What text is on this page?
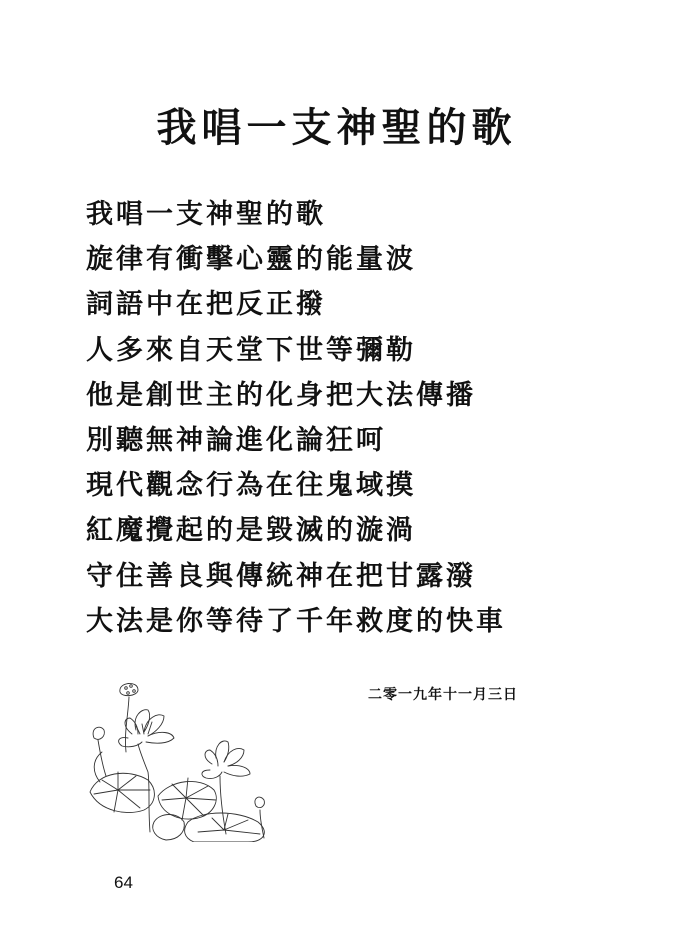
我唱一支神聖的歌
我唱一支神聖的歌
旋律有衝擊心靈的能量波
詞語中在把反正撥
人多來自天堂下世等彌勒
他是創世主的化身把大法傳播
別聽無神論進化論狂呵
現代觀念行為在往鬼域摸
紅魔攪起的是毀滅的漩渦
守住善良與傳統神在把甘露潑
大法是你等待了千年救度的快車
二零一九年十一月三日
64
